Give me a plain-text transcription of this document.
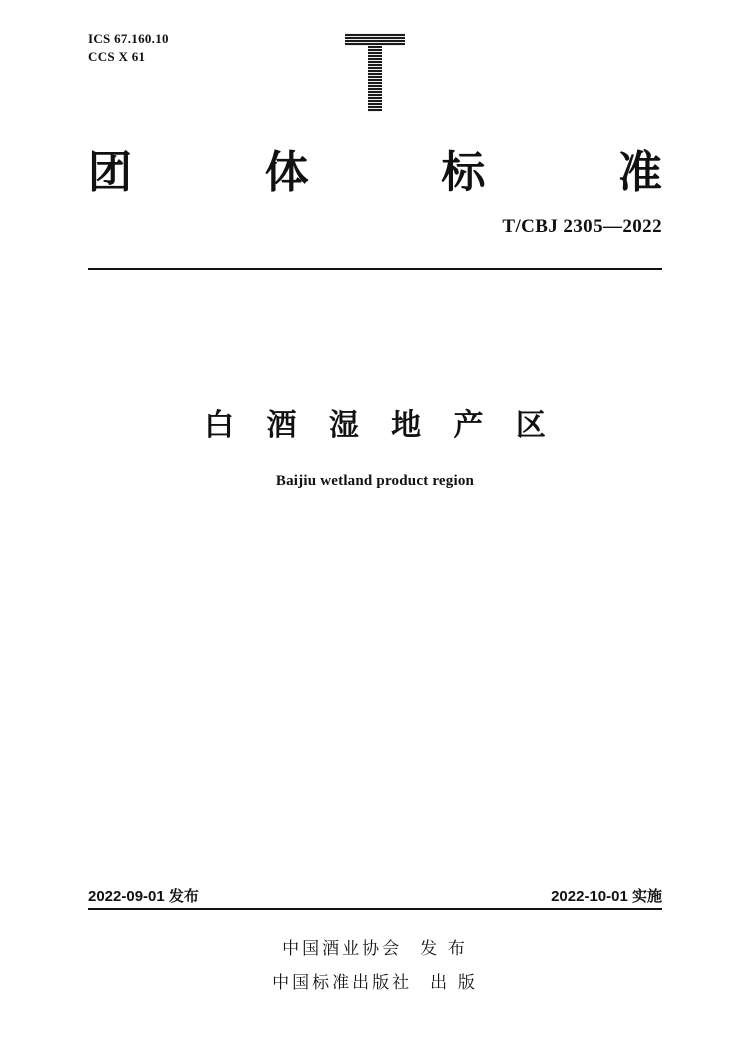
ICS 67.160.10
CCS X 61
团	体	标	准
T/CBJ 2305—2022
白 酒 湿 地 产 区
Baijiu wetland product region
2022-09-01 发布	2022-10-01 实施
中国酒业协会 发 布
中国标准出版社 出 版
